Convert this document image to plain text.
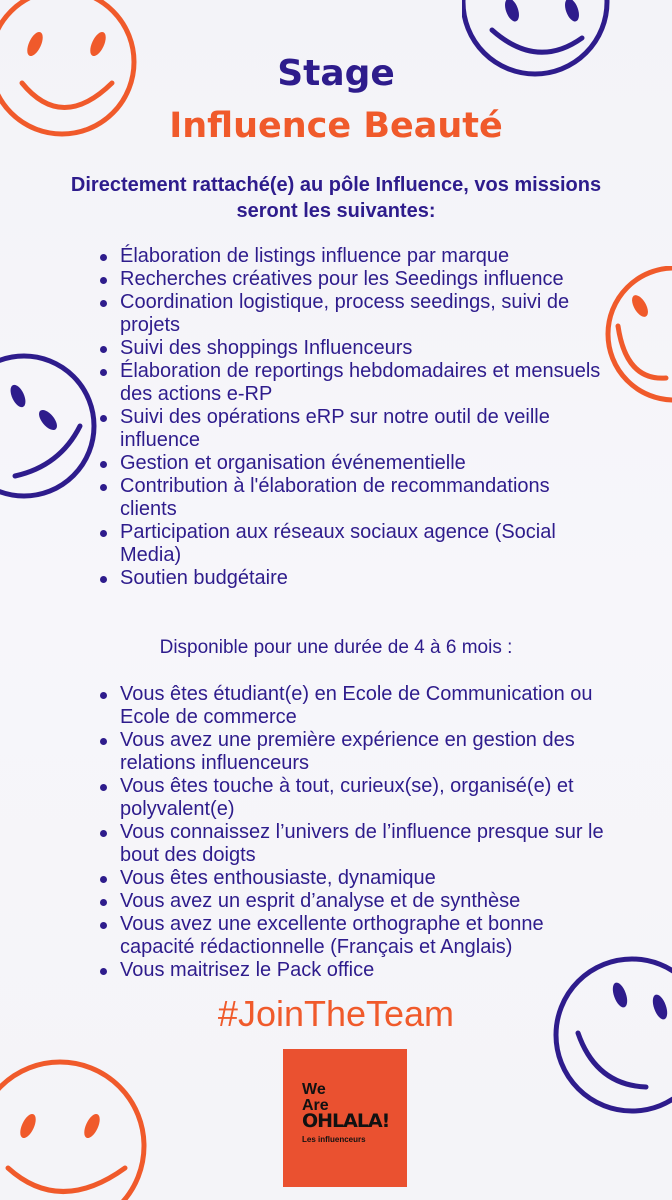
Stage
Influence Beauté
Directement rattaché(e) au pôle Influence, vos missions seront les suivantes:
Élaboration de listings influence par marque
Recherches créatives pour les Seedings influence
Coordination logistique, process seedings, suivi de projets
Suivi des shoppings Influenceurs
Élaboration de reportings hebdomadaires et mensuels des actions e-RP
Suivi des opérations eRP sur notre outil de veille influence
Gestion et organisation événementielle
Contribution à l'élaboration de recommandations clients
Participation aux réseaux sociaux agence (Social Media)
Soutien budgétaire
Disponible pour une durée de 4 à 6 mois :
Vous êtes étudiant(e) en Ecole de Communication ou Ecole de commerce
Vous avez une première expérience en gestion des relations influenceurs
Vous êtes touche à tout, curieux(se), organisé(e) et polyvalent(e)
Vous connaissez l’univers de l’influence presque sur le bout des doigts
Vous êtes enthousiaste, dynamique
Vous avez un esprit d’analyse et de synthèse
Vous avez une excellente orthographe et bonne capacité rédactionnelle (Français et Anglais)
Vous maitrisez le Pack office
#JoinTheTeam
We
Are
OHLALA!
Les influenceurs
